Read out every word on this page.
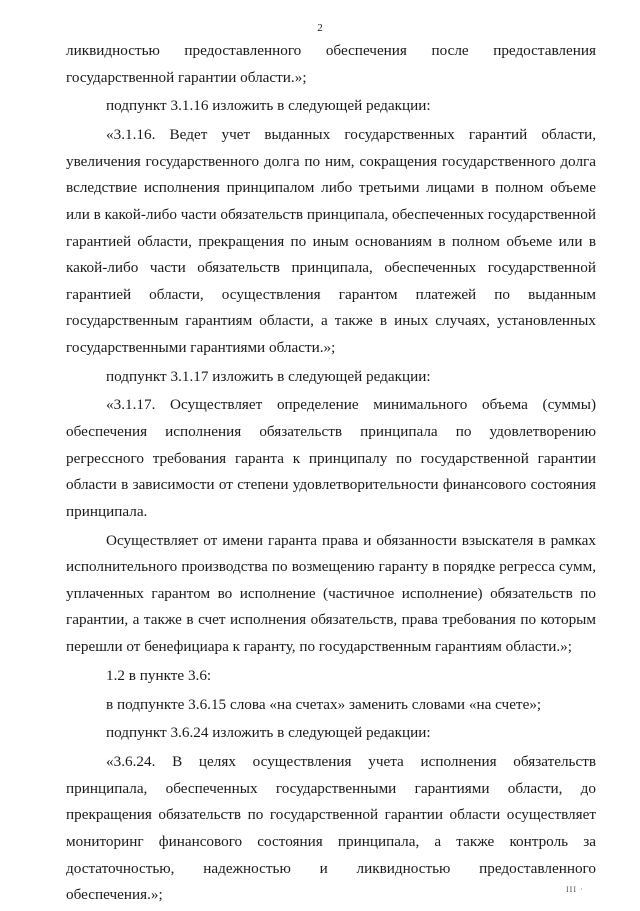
2

ликвидностью предоставленного обеспечения после предоставления государственной гарантии области.»;

подпункт 3.1.16 изложить в следующей редакции:

«3.1.16. Ведет учет выданных государственных гарантий области, увеличения государственного долга по ним, сокращения государственного долга вследствие исполнения принципалом либо третьими лицами в полном объеме или в какой-либо части обязательств принципала, обеспеченных государственной гарантией области, прекращения по иным основаниям в полном объеме или в какой-либо части обязательств принципала, обеспеченных государственной гарантией области, осуществления гарантом платежей по выданным государственным гарантиям области, а также в иных случаях, установленных государственными гарантиями области.»;

подпункт 3.1.17 изложить в следующей редакции:

«3.1.17. Осуществляет определение минимального объема (суммы) обеспечения исполнения обязательств принципала по удовлетворению регрессного требования гаранта к принципалу по государственной гарантии области в зависимости от степени удовлетворительности финансового состояния принципала.

Осуществляет от имени гаранта права и обязанности взыскателя в рамках исполнительного производства по возмещению гаранту в порядке регресса сумм, уплаченных гарантом во исполнение (частичное исполнение) обязательств по гарантии, а также в счет исполнения обязательств, права требования по которым перешли от бенефициара к гаранту, по государственным гарантиям области.»;

1.2 в пункте 3.6:

в подпункте 3.6.15 слова «на счетах» заменить словами «на счете»;

подпункт 3.6.24 изложить в следующей редакции:

«3.6.24. В целях осуществления учета исполнения обязательств принципала, обеспеченных государственными гарантиями области, до прекращения обязательств по государственной гарантии области осуществляет мониторинг финансового состояния принципала, а также контроль за достаточностью, надежностью и ликвидностью предоставленного обеспечения.»;	III ·
